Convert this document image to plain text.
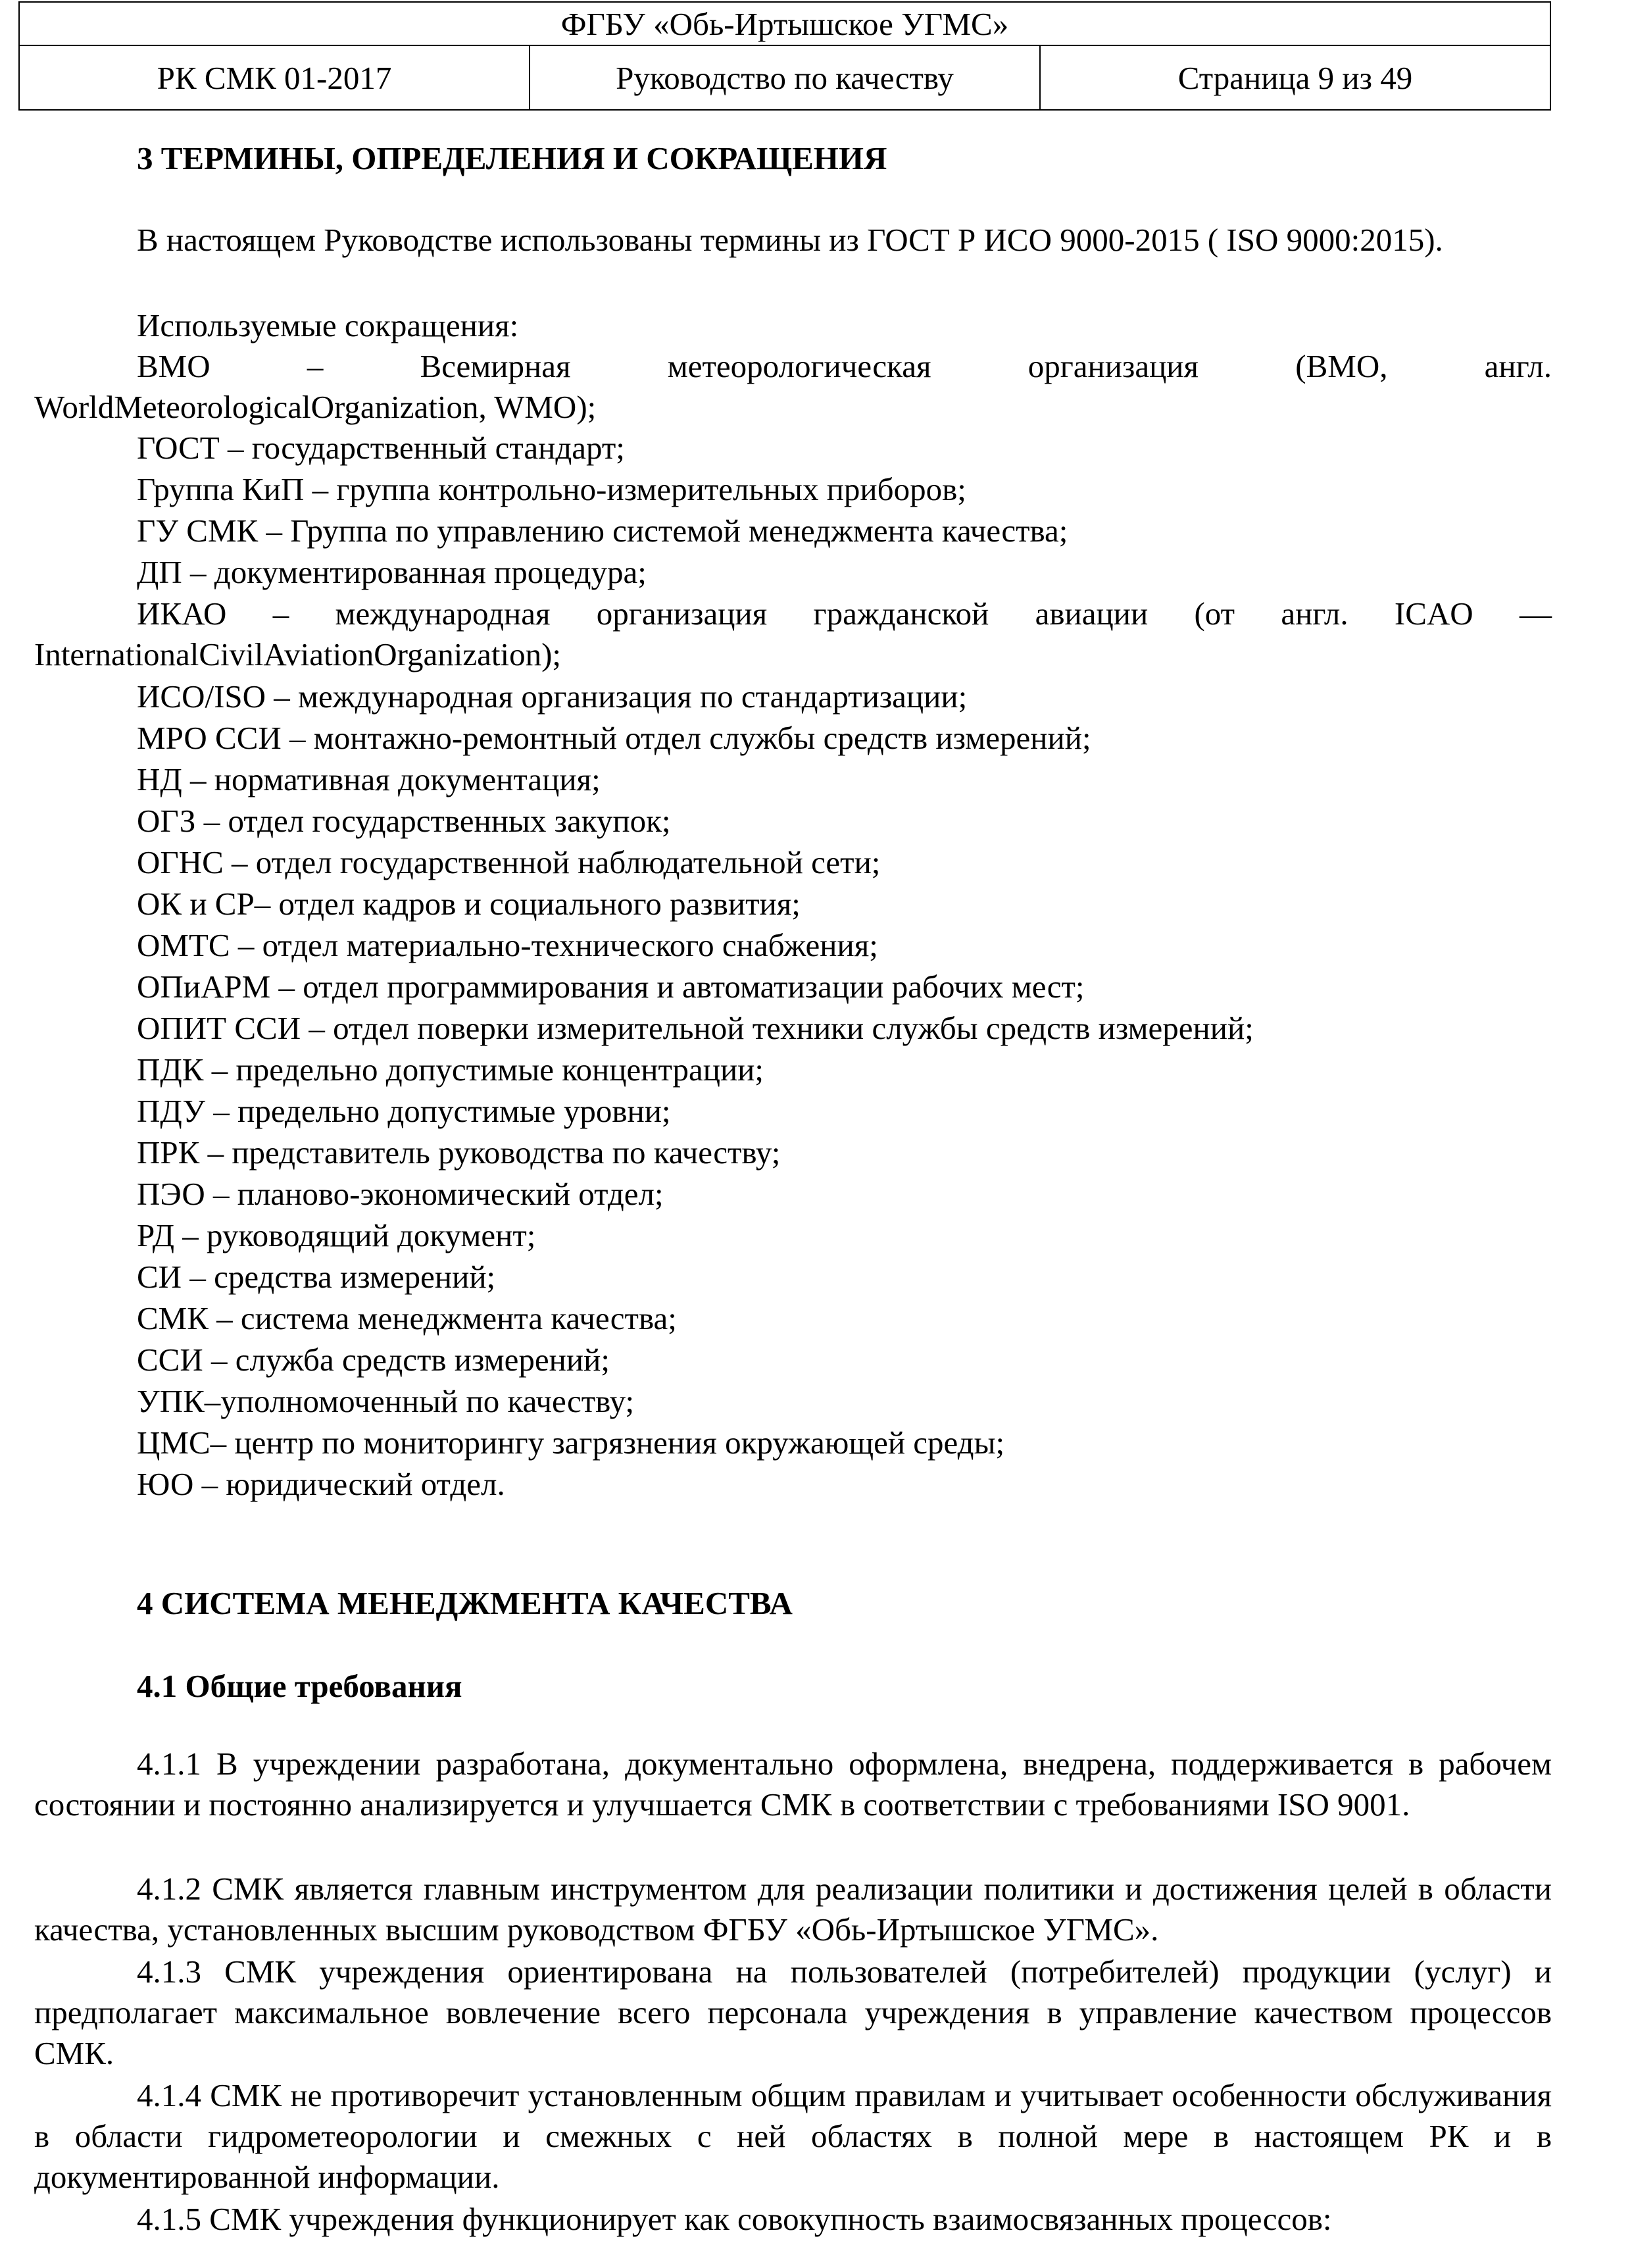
ФГБУ «Обь-Иртышское УГМС»
РК СМК 01-2017	Руководство по качеству	Страница 9 из 49
3 ТЕРМИНЫ, ОПРЕДЕЛЕНИЯ И СОКРАЩЕНИЯ

В настоящем Руководстве использованы термины из ГОСТ Р ИСО 9000-2015 ( ISO 9000:2015).

Используемые сокращения:
ВМО	–	Всемирная	метеорологическая	организация	(ВМО,	англ.
WorldMeteorologicalOrganization, WMO);
ГОСТ – государственный стандарт;
Группа КиП – группа контрольно-измерительных приборов;
ГУ СМК – Группа по управлению системой менеджмента качества;
ДП – документированная процедура;
ИКАО – международная организация гражданской авиации (от англ. ICAO —
InternationalCivilAviationOrganization);
ИСО/ISO – международная организация по стандартизации;
МРО ССИ – монтажно-ремонтный отдел службы средств измерений;
НД – нормативная документация;
ОГЗ – отдел государственных закупок;
ОГНС – отдел государственной наблюдательной сети;
ОК и СР– отдел кадров и социального развития;
ОМТС – отдел материально-технического снабжения;
ОПиАРМ – отдел программирования и автоматизации рабочих мест;
ОПИТ ССИ – отдел поверки измерительной техники службы средств измерений;
ПДК – предельно допустимые концентрации;
ПДУ – предельно допустимые уровни;
ПРК – представитель руководства по качеству;
ПЭО – планово-экономический отдел;
РД – руководящий документ;
СИ – средства измерений;
СМК – система менеджмента качества;
ССИ – служба средств измерений;
УПК–уполномоченный по качеству;
ЦМС– центр по мониторингу загрязнения окружающей среды;
ЮО – юридический отдел.
4 СИСТЕМА МЕНЕДЖМЕНТА КАЧЕСТВА
4.1 Общие требования

4.1.1 В учреждении разработана, документально оформлена, внедрена, поддерживается в рабочем состоянии и постоянно анализируется и улучшается СМК в соответствии с требованиями ISO 9001.

4.1.2 СМК является главным инструментом для реализации политики и достижения целей в области качества, установленных высшим руководством ФГБУ «Обь-Иртышское УГМС».

4.1.3 СМК учреждения ориентирована на пользователей (потребителей) продукции (услуг) и предполагает максимальное вовлечение всего персонала учреждения в управление качеством процессов СМК.

4.1.4 СМК не противоречит установленным общим правилам и учитывает особенности обслуживания в области гидрометеорологии и смежных с ней областях в полной мере в настоящем РК и в документированной информации.

4.1.5 СМК учреждения функционирует как совокупность взаимосвязанных процессов:
